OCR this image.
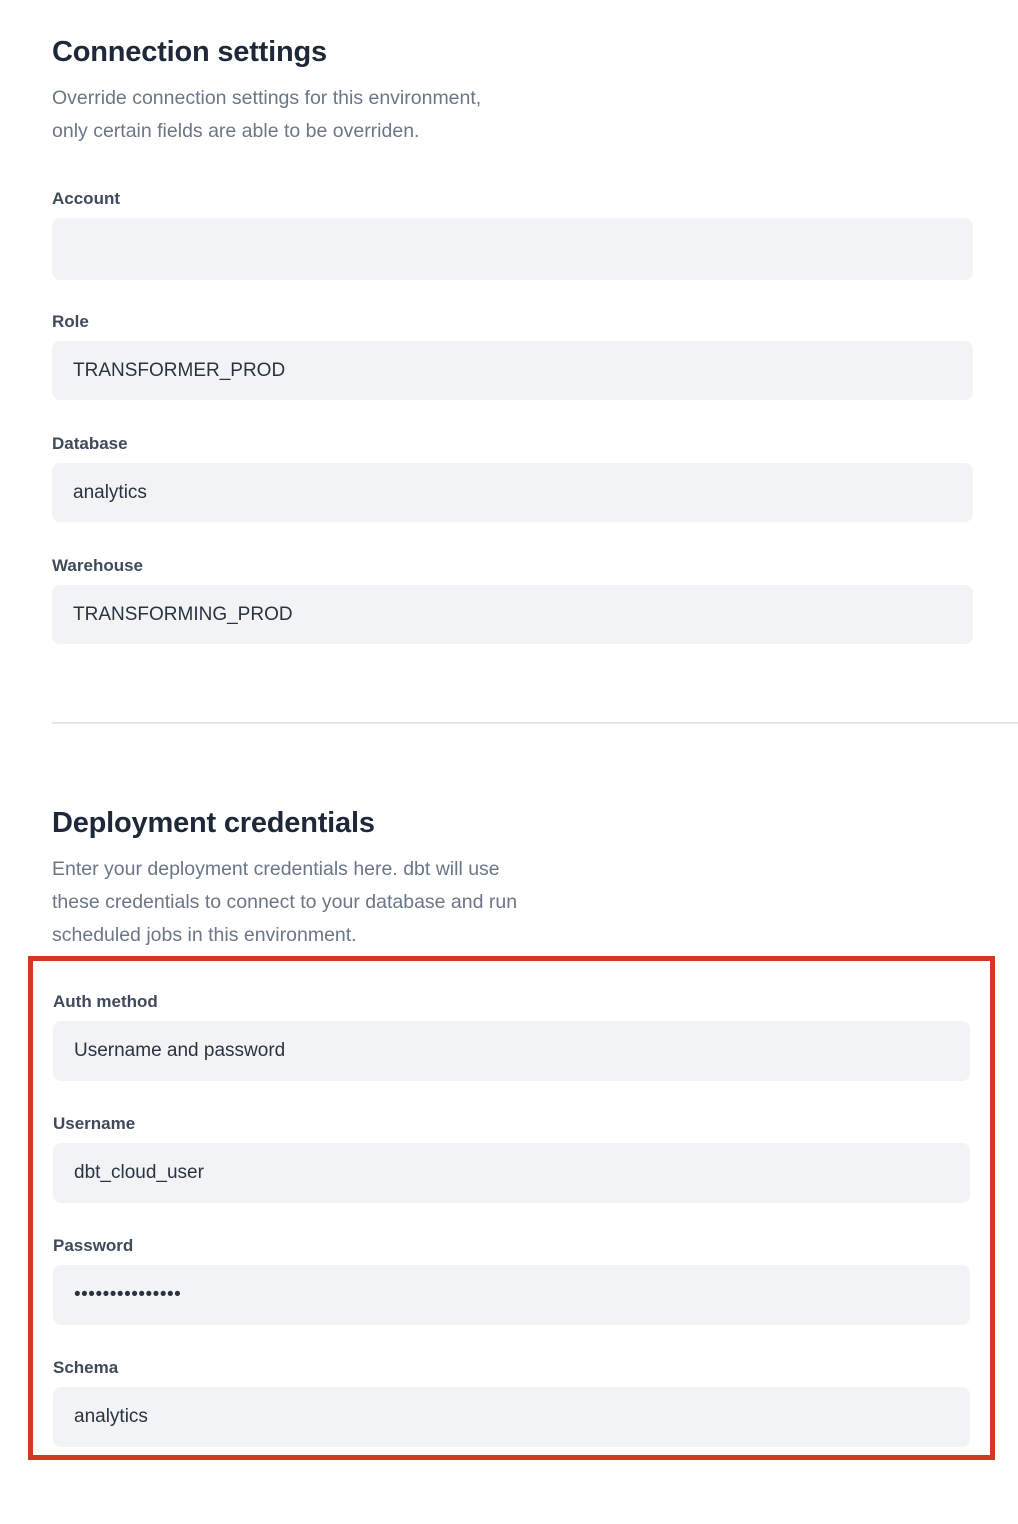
Connection settings
Override connection settings for this environment,
only certain fields are able to be overriden.
Account
Role
TRANSFORMER_PROD
Database
analytics
Warehouse
TRANSFORMING_PROD
Deployment credentials
Enter your deployment credentials here. dbt will use
these credentials to connect to your database and run
scheduled jobs in this environment.
Auth method
Username and password
Username
dbt_cloud_user
Password
•••••••••••••••
Schema
analytics
